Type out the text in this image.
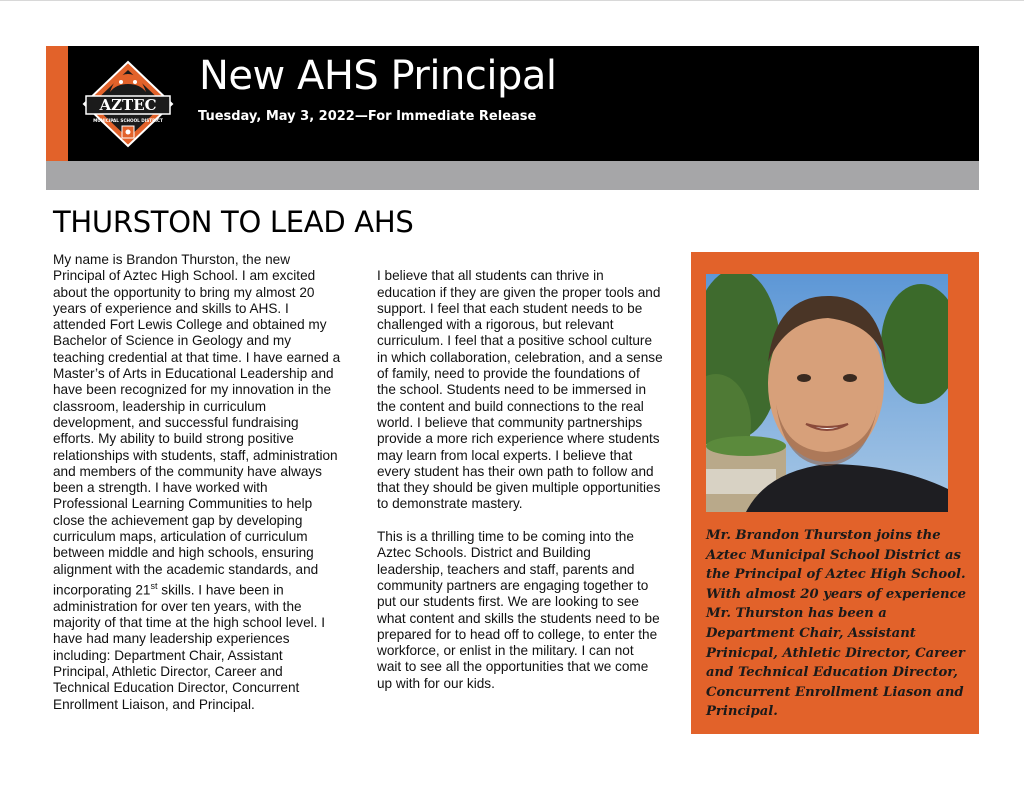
AZTEC
MUNICIPAL SCHOOL DISTRICT
New AHS Principal
Tuesday, May 3, 2022—For Immediate Release
THURSTON TO LEAD AHS
My name is Brandon Thurston, the new
Principal of Aztec High School. I am excited
about the opportunity to bring my almost 20
years of experience and skills to AHS. I
attended Fort Lewis College and obtained my
Bachelor of Science in Geology and my
teaching credential at that time. I have earned a
Master’s of Arts in Educational Leadership and
have been recognized for my innovation in the
classroom, leadership in curriculum
development, and successful fundraising
efforts. My ability to build strong positive
relationships with students, staff, administration
and members of the community have always
been a strength. I have worked with
Professional Learning Communities to help
close the achievement gap by developing
curriculum maps, articulation of curriculum
between middle and high schools, ensuring
alignment with the academic standards, and
incorporating 21st skills. I have been in
administration for over ten years, with the
majority of that time at the high school level. I
have had many leadership experiences
including: Department Chair, Assistant
Principal, Athletic Director, Career and
Technical Education Director, Concurrent
Enrollment Liaison, and Principal.

I believe that all students can thrive in
education if they are given the proper tools and
support. I feel that each student needs to be
challenged with a rigorous, but relevant
curriculum. I feel that a positive school culture
in which collaboration, celebration, and a sense
of family, need to provide the foundations of
the school. Students need to be immersed in
the content and build connections to the real
world. I believe that community partnerships
provide a more rich experience where students
may learn from local experts. I believe that
every student has their own path to follow and
that they should be given multiple opportunities
to demonstrate mastery.

This is a thrilling time to be coming into the
Aztec Schools. District and Building
leadership, teachers and staff, parents and
community partners are engaging together to
put our students first. We are looking to see
what content and skills the students need to be
prepared for to head off to college, to enter the
workforce, or enlist in the military. I can not
wait to see all the opportunities that we come
up with for our kids.

Mr. Brandon Thurston joins the
Aztec Municipal School District as
the Principal of Aztec High School.
With almost 20 years of experience
Mr. Thurston has been a
Department Chair, Assistant
Prinicpal, Athletic Director, Career
and Technical Education Director,
Concurrent Enrollment Liason and
Principal.
